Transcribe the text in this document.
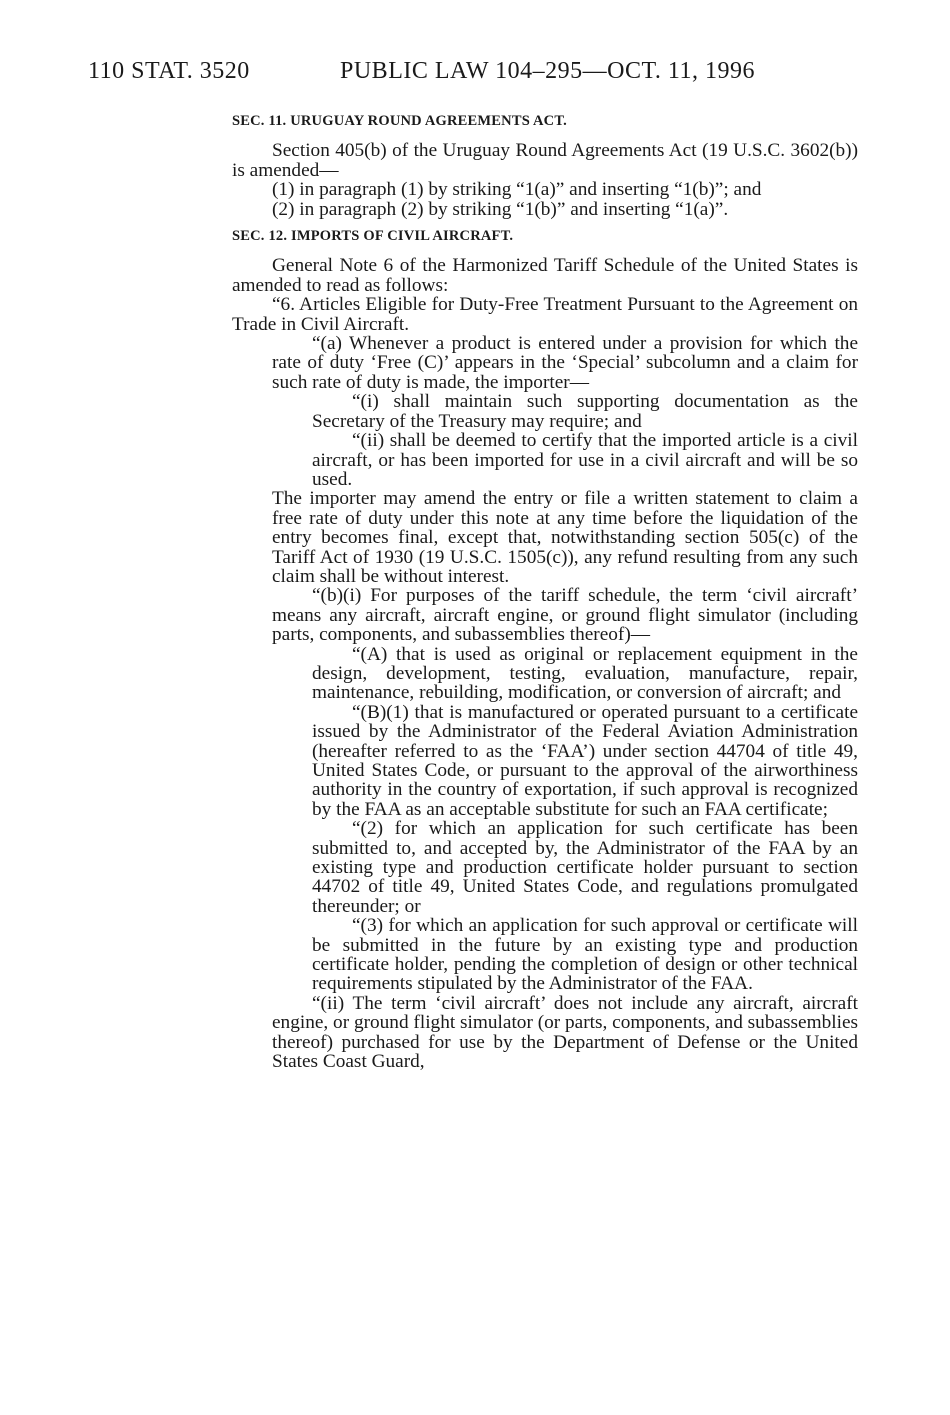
110 STAT. 3520	PUBLIC LAW 104–295—OCT. 11, 1996
SEC. 11. URUGUAY ROUND AGREEMENTS ACT.

Section 405(b) of the Uruguay Round Agreements Act (19 U.S.C. 3602(b)) is amended—

(1) in paragraph (1) by striking “1(a)” and inserting “1(b)”; and

(2) in paragraph (2) by striking “1(b)” and inserting “1(a)”.

SEC. 12. IMPORTS OF CIVIL AIRCRAFT.

General Note 6 of the Harmonized Tariff Schedule of the United States is amended to read as follows:

“6. Articles Eligible for Duty-Free Treatment Pursuant to the Agreement on Trade in Civil Aircraft.

“(a) Whenever a product is entered under a provision for which the rate of duty ‘Free (C)’ appears in the ‘Special’ subcolumn and a claim for such rate of duty is made, the importer—

“(i) shall maintain such supporting documentation as the Secretary of the Treasury may require; and

“(ii) shall be deemed to certify that the imported article is a civil aircraft, or has been imported for use in a civil aircraft and will be so used.

The importer may amend the entry or file a written statement to claim a free rate of duty under this note at any time before the liquidation of the entry becomes final, except that, notwithstanding section 505(c) of the Tariff Act of 1930 (19 U.S.C. 1505(c)), any refund resulting from any such claim shall be without interest.

“(b)(i) For purposes of the tariff schedule, the term ‘civil aircraft’ means any aircraft, aircraft engine, or ground flight simulator (including parts, components, and subassemblies thereof)—

“(A) that is used as original or replacement equipment in the design, development, testing, evaluation, manufacture, repair, maintenance, rebuilding, modification, or conversion of aircraft; and

“(B)(1) that is manufactured or operated pursuant to a certificate issued by the Administrator of the Federal Aviation Administration (hereafter referred to as the ‘FAA’) under section 44704 of title 49, United States Code, or pursuant to the approval of the airworthiness authority in the country of exportation, if such approval is recognized by the FAA as an acceptable substitute for such an FAA certificate;

“(2) for which an application for such certificate has been submitted to, and accepted by, the Administrator of the FAA by an existing type and production certificate holder pursuant to section 44702 of title 49, United States Code, and regulations promulgated thereunder; or

“(3) for which an application for such approval or certificate will be submitted in the future by an existing type and production certificate holder, pending the completion of design or other technical requirements stipulated by the Administrator of the FAA.

“(ii) The term ‘civil aircraft’ does not include any aircraft, aircraft engine, or ground flight simulator (or parts, components, and subassemblies thereof) purchased for use by the Department of Defense or the United States Coast Guard,
